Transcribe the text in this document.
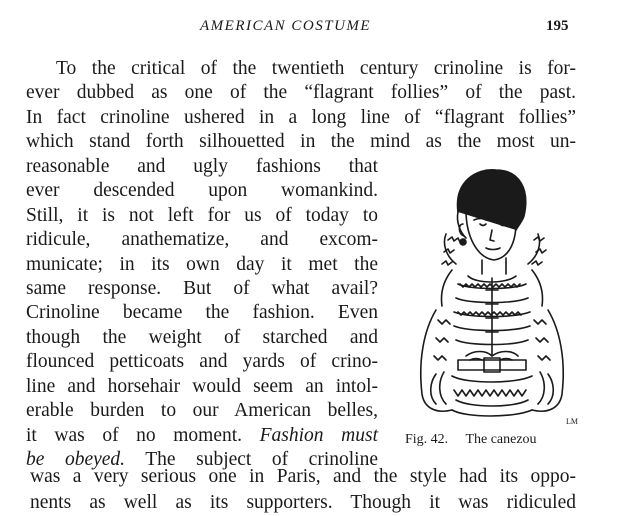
AMERICAN COSTUME	195
To the critical of the twentieth century crinoline is for-
ever dubbed as one of the “flagrant follies” of the past.
In fact crinoline ushered in a long line of “flagrant follies”
which stand forth silhouetted in the mind as the most un-
reasonable and ugly fashions that
ever descended upon womankind.
Still, it is not left for us of today to
ridicule, anathematize, and excom-
municate; in its own day it met the
same response. But of what avail?
Crinoline became the fashion. Even
though the weight of starched and
flounced petticoats and yards of crino-
line and horsehair would seem an intol-
erable burden to our American belles,
it was of no moment. Fashion must
be obeyed. The subject of crinoline
was a very serious one in Paris, and the style had its oppo-
nents as well as its supporters. Though it was ridiculed
LM
Fig. 42. The canezou
